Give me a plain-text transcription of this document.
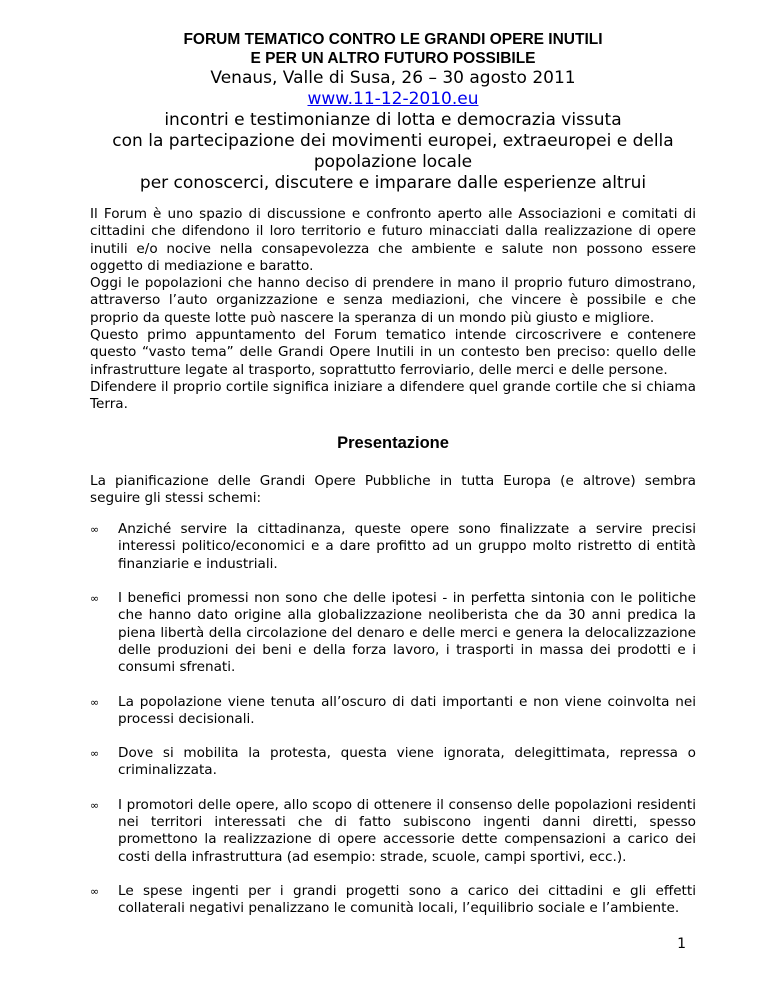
FORUM TEMATICO CONTRO LE GRANDI OPERE INUTILI
E PER UN ALTRO FUTURO POSSIBILE
Venaus, Valle di Susa, 26 – 30 agosto 2011
www.11-12-2010.eu
incontri e testimonianze di lotta e democrazia vissuta
con la partecipazione dei movimenti europei, extraeuropei e della
popolazione locale
per conoscerci, discutere e imparare dalle esperienze altrui

Il Forum è uno spazio di discussione e confronto aperto alle Associazioni e comitati di cittadini che difendono il loro territorio e futuro minacciati dalla realizzazione di opere inutili e/o nocive nella consapevolezza che ambiente e salute non possono essere oggetto di mediazione e baratto.

Oggi le popolazioni che hanno deciso di prendere in mano il proprio futuro dimostrano, attraverso l’auto organizzazione e senza mediazioni, che vincere è possibile e che proprio da queste lotte può nascere la speranza di un mondo più giusto e migliore.

Questo primo appuntamento del Forum tematico intende circoscrivere e contenere questo “vasto tema” delle Grandi Opere Inutili in un contesto ben preciso: quello delle infrastrutture legate al trasporto, soprattutto ferroviario, delle merci e delle persone.

Difendere il proprio cortile significa iniziare a difendere quel grande cortile che si chiama Terra.

Presentazione

La pianificazione delle Grandi Opere Pubbliche in tutta Europa (e altrove) sembra seguire gli stessi schemi:

∞ Anziché servire la cittadinanza, queste opere sono finalizzate a servire precisi interessi politico/economici e a dare profitto ad un gruppo molto ristretto di entità finanziarie e industriali.
∞ I benefici promessi non sono che delle ipotesi - in perfetta sintonia con le politiche che hanno dato origine alla globalizzazione neoliberista che da 30 anni predica la piena libertà della circolazione del denaro e delle merci e genera la delocalizzazione delle produzioni dei beni e della forza lavoro, i trasporti in massa dei prodotti e i consumi sfrenati.
∞ La popolazione viene tenuta all’oscuro di dati importanti e non viene coinvolta nei processi decisionali.
∞ Dove si mobilita la protesta, questa viene ignorata, delegittimata, repressa o criminalizzata.
∞ I promotori delle opere, allo scopo di ottenere il consenso delle popolazioni residenti nei territori interessati che di fatto subiscono ingenti danni diretti, spesso promettono la realizzazione di opere accessorie dette compensazioni a carico dei costi della infrastruttura (ad esempio: strade, scuole, campi sportivi, ecc.).
∞ Le spese ingenti per i grandi progetti sono a carico dei cittadini e gli effetti collaterali negativi penalizzano le comunità locali, l’equilibrio sociale e l’ambiente.
1
